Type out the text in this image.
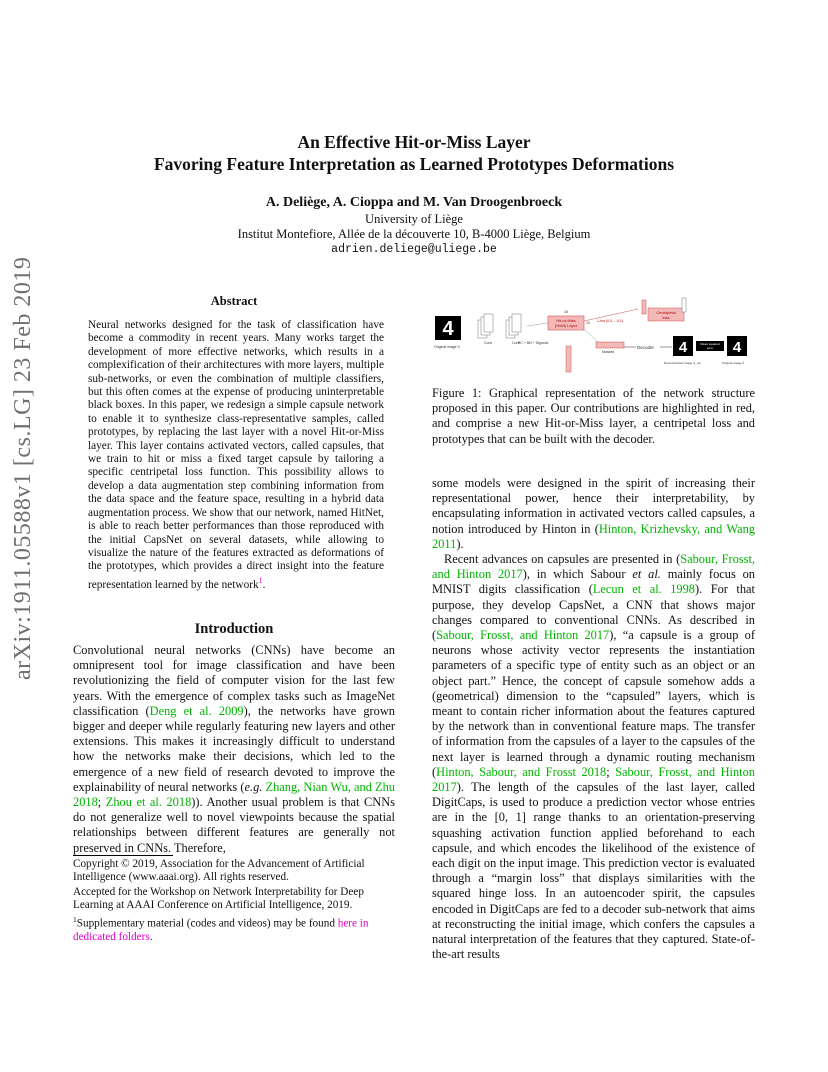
arXiv:1911.05588v1 [cs.LG] 23 Feb 2019
An Effective Hit-or-Miss Layer
Favoring Feature Interpretation as Learned Prototypes Deformations
A. Deliège, A. Cioppa and M. Van Droogenbroeck
University of Liège
Institut Montefiore, Allée de la découverte 10, B-4000 Liège, Belgium
adrien.deliege@uliege.be
Abstract
Neural networks designed for the task of classification have become a commodity in recent years. Many works target the development of more effective networks, which results in a complexification of their architectures with more layers, multiple sub-networks, or even the combination of multiple classifiers, but this often comes at the expense of producing uninterpretable black boxes. In this paper, we redesign a simple capsule network to enable it to synthesize class-representative samples, called prototypes, by replacing the last layer with a novel Hit-or-Miss layer. This layer contains activated vectors, called capsules, that we train to hit or miss a fixed target capsule by tailoring a specific centripetal loss function. This possibility allows to develop a data augmentation step combining information from the data space and the feature space, resulting in a hybrid data augmentation process. We show that our network, named HitNet, is able to reach better performances than those reproduced with the initial CapsNet on several datasets, while allowing to visualize the nature of the features extracted as deformations of the prototypes, which provides a direct insight into the feature representation learned by the network$^1$.
Introduction
Convolutional neural networks (CNNs) have become an omnipresent tool for image classification and have been revolutionizing the field of computer vision for the last few years. With the emergence of complex tasks such as ImageNet classification (Deng et al. 2009), the networks have grown bigger and deeper while regularly featuring new layers and other extensions. This makes it increasingly difficult to understand how the networks make their decisions, which led to the emergence of a new field of research devoted to improve the explainability of neural networks (e.g. Zhang, Nian Wu, and Zhu 2018; Zhou et al. 2018)). Another usual problem is that CNNs do not generalize well to novel viewpoints because the spatial relationships between different features are generally not preserved in CNNs. Therefore,
Copyright © 2019, Association for the Advancement of Artificial Intelligence (www.aaai.org). All rights reserved.
Accepted for the Workshop on Network Interpretability for Deep Learning at AAAI Conference on Artificial Intelligence, 2019.
$^1$Supplementary material (codes and videos) may be found here in dedicated folders.
4
Original image X
Conv	Conv
PC + BN + Sigmoid
Hit-or-Miss
(HoM) Layer
16
10 1-hot (0,0,...,0,1)
Centripetal
loss
Masked
Decoder 4
Reconstructed image X_rec
Mean squared
error 4
Original image X
Figure 1: Graphical representation of the network structure proposed in this paper. Our contributions are highlighted in red, and comprise a new Hit-or-Miss layer, a centripetal loss and prototypes that can be built with the decoder.

some models were designed in the spirit of increasing their representational power, hence their interpretability, by encapsulating information in activated vectors called capsules, a notion introduced by Hinton in (Hinton, Krizhevsky, and Wang 2011).

Recent advances on capsules are presented in (Sabour, Frosst, and Hinton 2017), in which Sabour et al. mainly focus on MNIST digits classification (Lecun et al. 1998). For that purpose, they develop CapsNet, a CNN that shows major changes compared to conventional CNNs. As described in (Sabour, Frosst, and Hinton 2017), “a capsule is a group of neurons whose activity vector represents the instantiation parameters of a specific type of entity such as an object or an object part.” Hence, the concept of capsule somehow adds a (geometrical) dimension to the “capsuled” layers, which is meant to contain richer information about the features captured by the network than in conventional feature maps. The transfer of information from the capsules of a layer to the capsules of the next layer is learned through a dynamic routing mechanism (Hinton, Sabour, and Frosst 2018; Sabour, Frosst, and Hinton 2017). The length of the capsules of the last layer, called DigitCaps, is used to produce a prediction vector whose entries are in the [0, 1] range thanks to an orientation-preserving squashing activation function applied beforehand to each capsule, and which encodes the likelihood of the existence of each digit on the input image. This prediction vector is evaluated through a “margin loss” that displays similarities with the squared hinge loss. In an autoencoder spirit, the capsules encoded in DigitCaps are fed to a decoder sub-network that aims at reconstructing the initial image, which confers the capsules a natural interpretation of the features that they captured. State-of-the-art results
